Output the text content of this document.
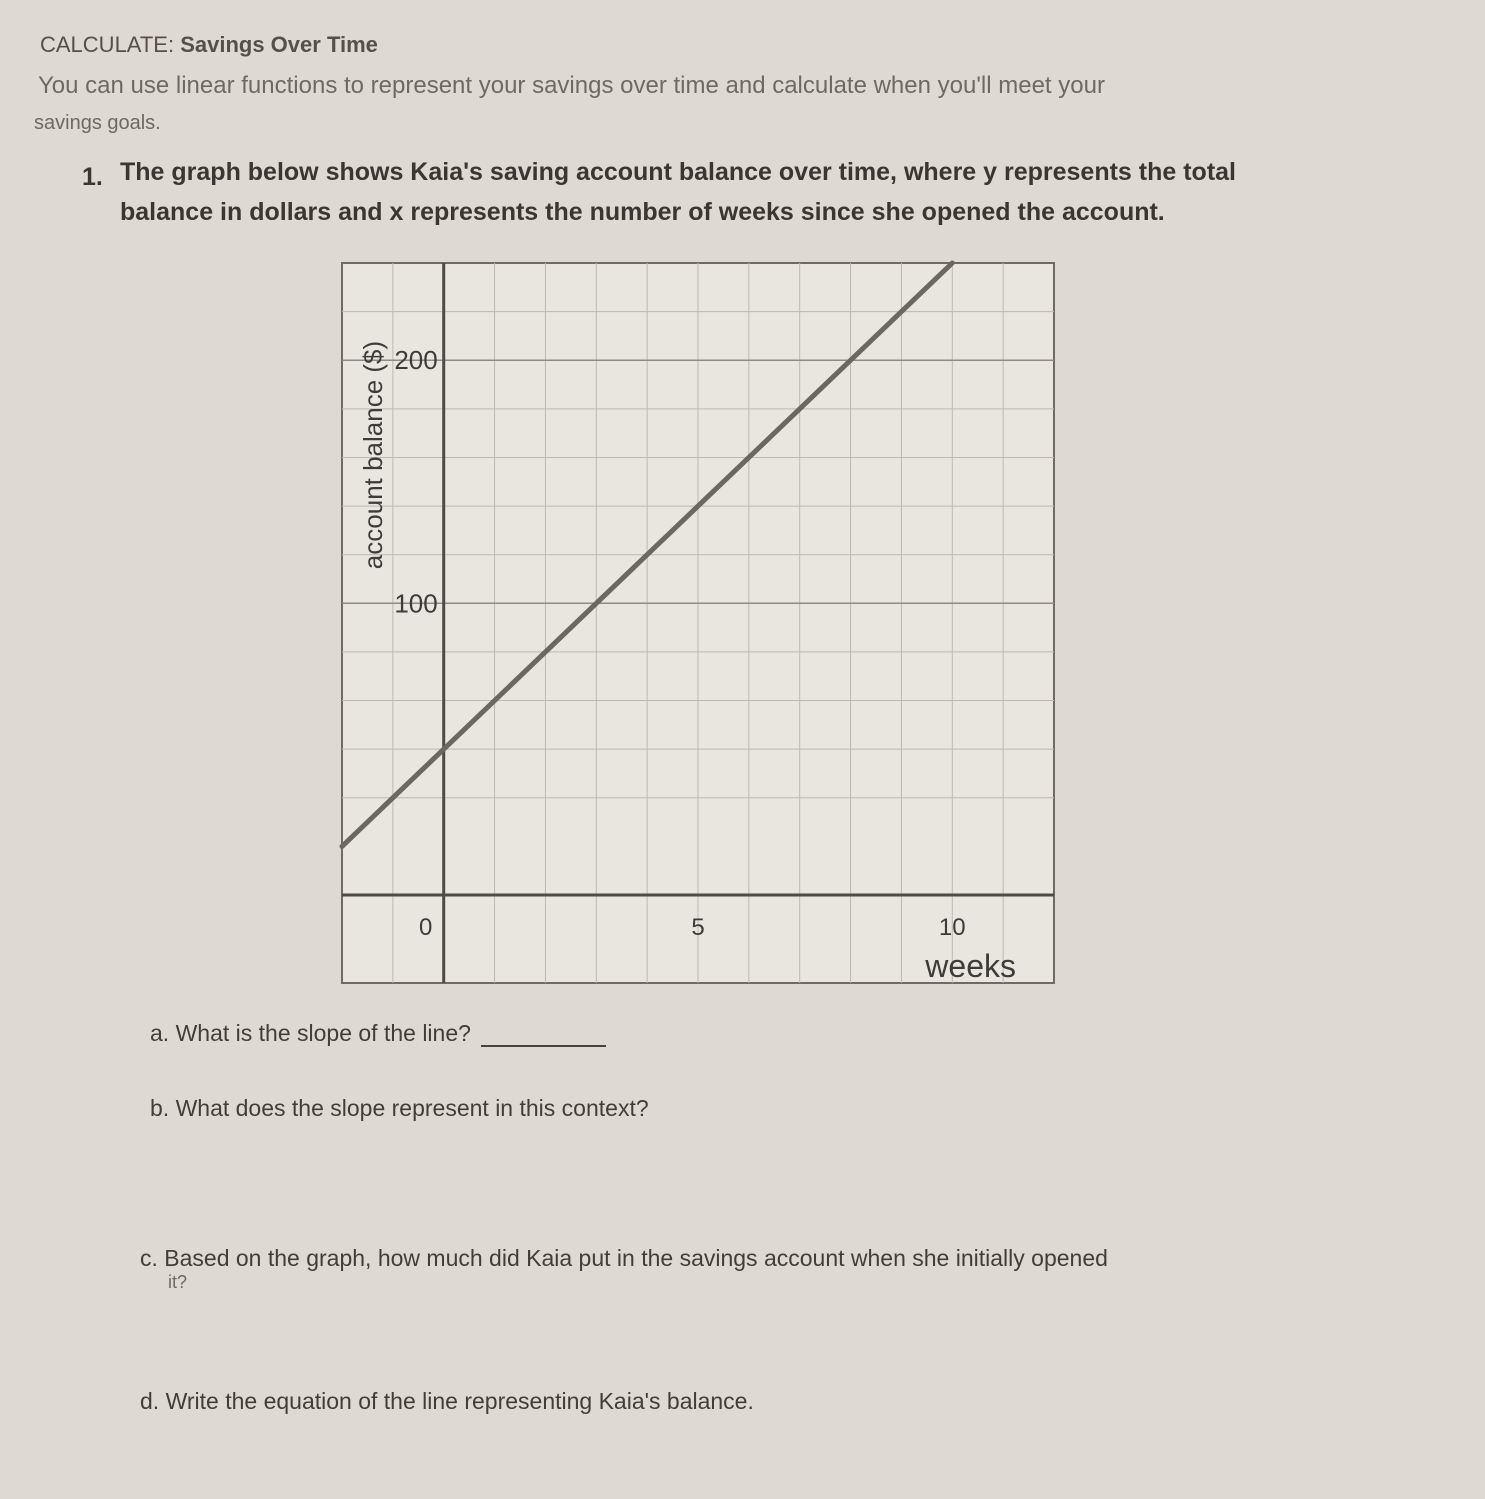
CALCULATE: Savings Over Time
You can use linear functions to represent your savings over time and calculate when you'll meet your
savings goals.
1. The graph below shows Kaia's saving account balance over time, where y represents the total
balance in dollars and x represents the number of weeks since she opened the account.
0	5	10
100
200
weeks
account balance ($)
a. What is the slope of the line?
b. What does the slope represent in this context?
c. Based on the graph, how much did Kaia put in the savings account when she initially opened
it?
d. Write the equation of the line representing Kaia's balance.
